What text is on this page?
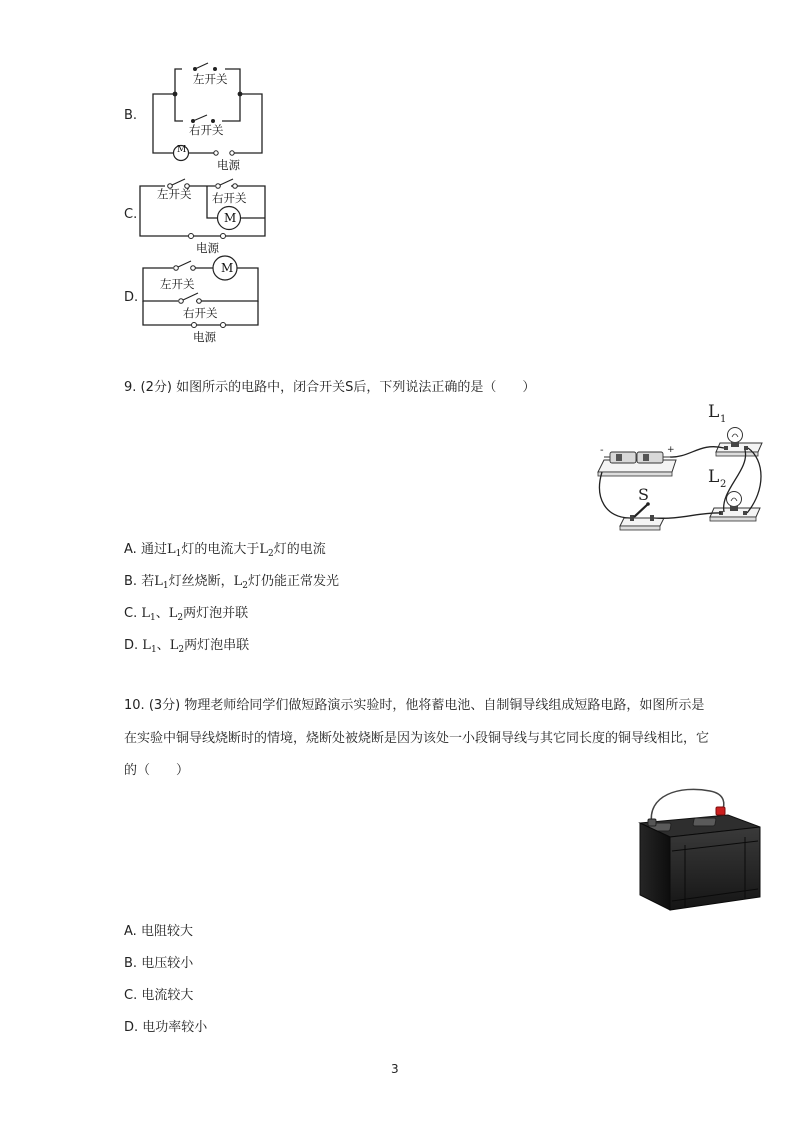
B.
左开关
右开关
M
电源
C.
左开关 右开关
M
电源
D.
M
左开关
右开关
电源
9. (2分) 如图所示的电路中，闭合开关S后，下列说法正确的是（　　）
-	+
L 1
L 2
S
A. 通过$L_1$灯的电流大于$L_2$灯的电流
B. 若$L_1$灯丝烧断，$L_2$灯仍能正常发光
C. $L_1$、$L_2$两灯泡并联
D. $L_1$、$L_2$两灯泡串联
10. (3分) 物理老师给同学们做短路演示实验时，他将蓄电池、自制铜导线组成短路电路，如图所示是
在实验中铜导线烧断时的情境，烧断处被烧断是因为该处一小段铜导线与其它同长度的铜导线相比，它
的（　　）
A. 电阻较大
B. 电压较小
C. 电流较大
D. 电功率较小
3
